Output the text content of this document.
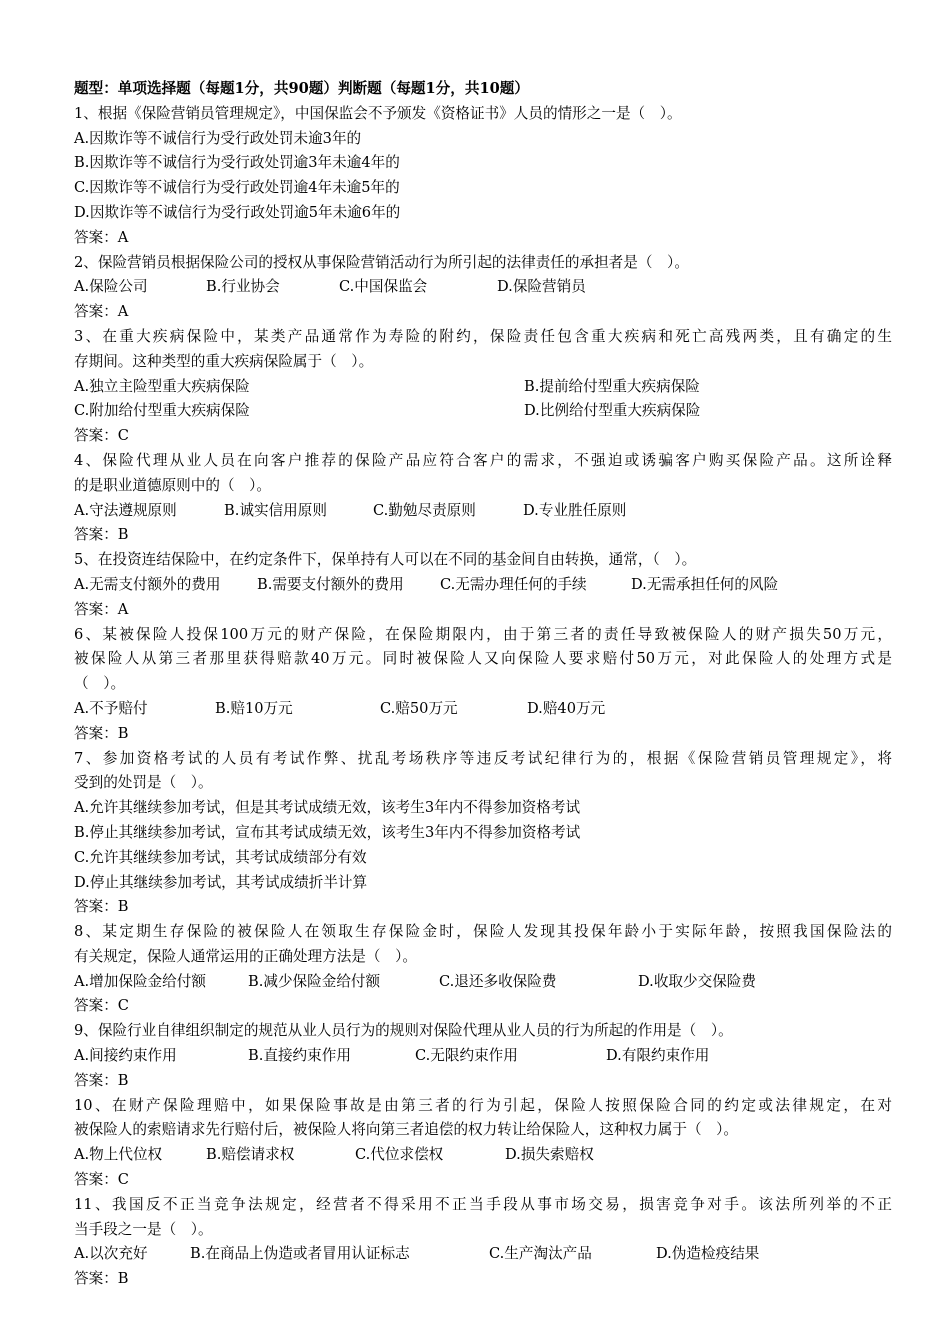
题型：单项选择题（每题1分，共90题）判断题（每题1分，共10题）
1、根据《保险营销员管理规定》，中国保监会不予颁发《资格证书》人员的情形之一是（　）。
A.因欺诈等不诚信行为受行政处罚未逾3年的
B.因欺诈等不诚信行为受行政处罚逾3年未逾4年的
C.因欺诈等不诚信行为受行政处罚逾4年未逾5年的
D.因欺诈等不诚信行为受行政处罚逾5年未逾6年的
答案：A
2、保险营销员根据保险公司的授权从事保险营销活动行为所引起的法律责任的承担者是（　）。
A.保险公司	B.行业协会	C.中国保监会	D.保险营销员
答案：A
3、在重大疾病保险中，某类产品通常作为寿险的附约，保险责任包含重大疾病和死亡高残两类，且有确定的生
存期间。这种类型的重大疾病保险属于（　）。
A.独立主险型重大疾病保险	B.提前给付型重大疾病保险
C.附加给付型重大疾病保险	D.比例给付型重大疾病保险
答案：C
4、保险代理从业人员在向客户推荐的保险产品应符合客户的需求，不强迫或诱骗客户购买保险产品。这所诠释
的是职业道德原则中的（　）。
A.守法遵规原则	B.诚实信用原则	C.勤勉尽责原则	D.专业胜任原则
答案：B
5、在投资连结保险中，在约定条件下，保单持有人可以在不同的基金间自由转换，通常，（　）。
A.无需支付额外的费用	B.需要支付额外的费用	C.无需办理任何的手续	D.无需承担任何的风险
答案：A
6、某被保险人投保100万元的财产保险，在保险期限内，由于第三者的责任导致被保险人的财产损失50万元，
被保险人从第三者那里获得赔款40万元。同时被保险人又向保险人要求赔付50万元，对此保险人的处理方式是
（　）。
A.不予赔付	B.赔10万元	C.赔50万元	D.赔40万元
答案：B
7、参加资格考试的人员有考试作弊、扰乱考场秩序等违反考试纪律行为的，根据《保险营销员管理规定》，将
受到的处罚是（　）。
A.允许其继续参加考试，但是其考试成绩无效，该考生3年内不得参加资格考试
B.停止其继续参加考试，宣布其考试成绩无效，该考生3年内不得参加资格考试
C.允许其继续参加考试，其考试成绩部分有效
D.停止其继续参加考试，其考试成绩折半计算
答案：B
8、某定期生存保险的被保险人在领取生存保险金时，保险人发现其投保年龄小于实际年龄，按照我国保险法的
有关规定，保险人通常运用的正确处理方法是（　）。
A.增加保险金给付额	B.减少保险金给付额	C.退还多收保险费	D.收取少交保险费
答案：C
9、保险行业自律组织制定的规范从业人员行为的规则对保险代理从业人员的行为所起的作用是（　）。
A.间接约束作用	B.直接约束作用	C.无限约束作用	D.有限约束作用
答案：B
10、在财产保险理赔中，如果保险事故是由第三者的行为引起，保险人按照保险合同的约定或法律规定，在对
被保险人的索赔请求先行赔付后，被保险人将向第三者追偿的权力转让给保险人，这种权力属于（　）。
A.物上代位权	B.赔偿请求权	C.代位求偿权	D.损失索赔权
答案：C
11、我国反不正当竞争法规定，经营者不得采用不正当手段从事市场交易，损害竞争对手。该法所列举的不正
当手段之一是（　）。
A.以次充好	B.在商品上伪造或者冒用认证标志	C.生产淘汰产品	D.伪造检疫结果
答案：B
